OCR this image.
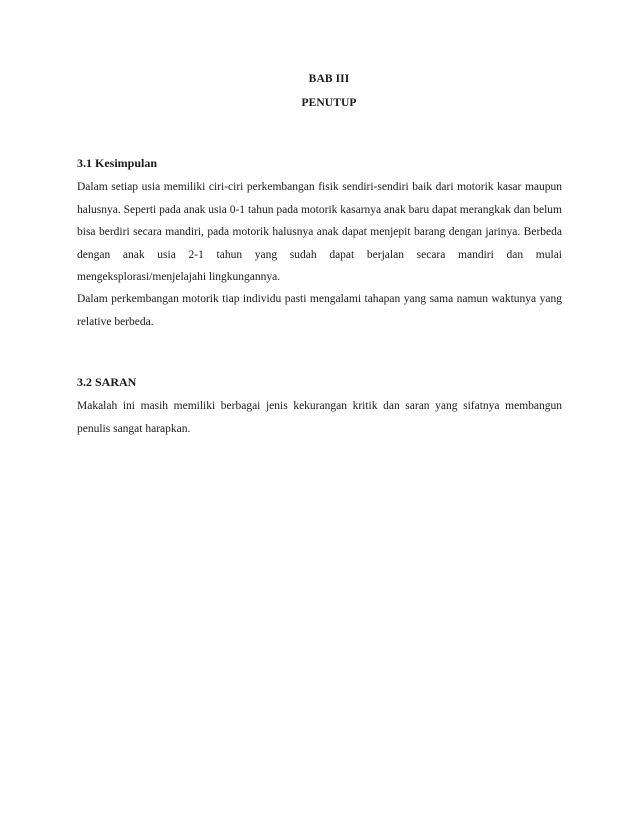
BAB III
PENUTUP
3.1 Kesimpulan

Dalam setiap usia memiliki ciri-ciri perkembangan fisik sendiri-sendiri baik dari motorik kasar maupun halusnya. Seperti pada anak usia 0-1 tahun pada motorik kasarnya anak baru dapat merangkak dan belum bisa berdiri secara mandiri, pada motorik halusnya anak dapat menjepit barang dengan jarinya. Berbeda dengan anak usia 2-1 tahun yang sudah dapat berjalan secara mandiri dan mulai mengeksplorasi/menjelajahi lingkungannya.

Dalam perkembangan motorik tiap individu pasti mengalami tahapan yang sama namun waktunya yang relative berbeda.

3.2 SARAN

Makalah ini masih memiliki berbagai jenis kekurangan kritik dan saran yang sifatnya membangun penulis sangat harapkan.
